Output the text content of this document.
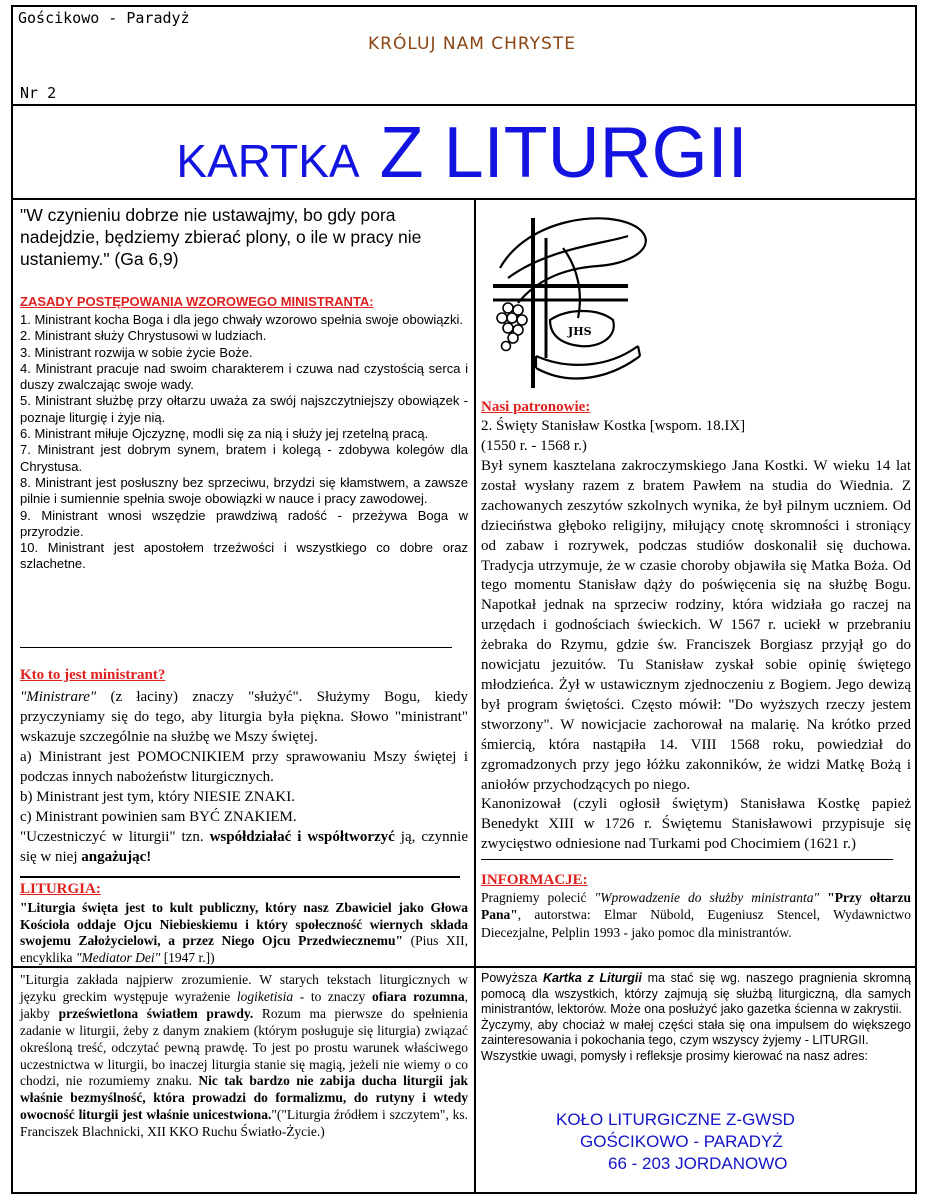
Gościkowo - Paradyż
KRÓLUJ NAM CHRYSTE
Nr 2
KARTKA Z LITURGII
"W czynieniu dobrze nie ustawajmy, bo gdy pora nadejdzie, będziemy zbierać plony, o ile w pracy nie ustaniemy." (Ga 6,9)
ZASADY POSTĘPOWANIA WZOROWEGO MINISTRANTA:

1. Ministrant kocha Boga i dla jego chwały wzorowo spełnia swoje obowiązki.

2. Ministrant służy Chrystusowi w ludziach.

3. Ministrant rozwija w sobie życie Boże.

4. Ministrant pracuje nad swoim charakterem i czuwa nad czystością serca i duszy zwalczając swoje wady.

5. Ministrant służbę przy ołtarzu uważa za swój najszczytniejszy obowiązek - poznaje liturgię i żyje nią.

6. Ministrant miłuje Ojczyznę, modli się za nią i służy jej rzetelną pracą.

7. Ministrant jest dobrym synem, bratem i kolegą - zdobywa kolegów dla Chrystusa.

8. Ministrant jest posłuszny bez sprzeciwu, brzydzi się kłamstwem, a zawsze pilnie i sumiennie spełnia swoje obowiązki w nauce i pracy zawodowej.

9. Ministrant wnosi wszędzie prawdziwą radość - przeżywa Boga w przyrodzie.

10. Ministrant jest apostołem trzeźwości i wszystkiego co dobre oraz szlachetne.

Kto to jest ministrant?

"Ministrare" (z łaciny) znaczy "służyć". Służymy Bogu, kiedy przyczyniamy się do tego, aby liturgia była piękna. Słowo "ministrant" wskazuje szczególnie na służbę we Mszy świętej.

a) Ministrant jest POMOCNIKIEM przy sprawowaniu Mszy świętej i podczas innych nabożeństw liturgicznych.

b) Ministrant jest tym, który NIESIE ZNAKI.

c) Ministrant powinien sam BYĆ ZNAKIEM.

"Uczestniczyć w liturgii" tzn. współdziałać i współtworzyć ją, czynnie się w niej angażując!

LITURGIA:
"Liturgia święta jest to kult publiczny, który nasz Zbawiciel jako Głowa Kościoła oddaje Ojcu Niebieskiemu i który społeczność wiernych składa swojemu Założycielowi, a przez Niego Ojcu Przedwiecznemu" (Pius XII, encyklika "Mediator Dei" [1947 r.])
"Liturgia zakłada najpierw zrozumienie. W starych tekstach liturgicznych w języku greckim występuje wyrażenie logiketisia - to znaczy ofiara rozumna, jakby prześwietlona światłem prawdy. Rozum ma pierwsze do spełnienia zadanie w liturgii, żeby z danym znakiem (którym posługuje się liturgia) związać określoną treść, odczytać pewną prawdę. To jest po prostu warunek właściwego uczestnictwa w liturgii, bo inaczej liturgia stanie się magią, jeżeli nie wiemy o co chodzi, nie rozumiemy znaku. Nic tak bardzo nie zabija ducha liturgii jak właśnie bezmyślność, która prowadzi do formalizmu, do rutyny i wtedy owocność liturgii jest właśnie unicestwiona."("Liturgia źródłem i szczytem", ks. Franciszek Blachnicki, XII KKO Ruchu Światło-Życie.)
JHS
Nasi patronowie:
2. Święty Stanisław Kostka [wspom. 18.IX]
(1550 r. - 1568 r.)

Był synem kasztelana zakroczymskiego Jana Kostki. W wieku 14 lat został wysłany razem z bratem Pawłem na studia do Wiednia. Z zachowanych zeszytów szkolnych wynika, że był pilnym uczniem. Od dzieciństwa głęboko religijny, miłujący cnotę skromności i stroniący od zabaw i rozrywek, podczas studiów doskonalił się duchowa. Tradycja utrzymuje, że w czasie choroby objawiła się Matka Boża. Od tego momentu Stanisław dąży do poświęcenia się na służbę Bogu. Napotkał jednak na sprzeciw rodziny, która widziała go raczej na urzędach i godnościach świeckich. W 1567 r. uciekł w przebraniu żebraka do Rzymu, gdzie św. Franciszek Borgiasz przyjął go do nowicjatu jezuitów. Tu Stanisław zyskał sobie opinię świętego młodzieńca. Żył w ustawicznym zjednoczeniu z Bogiem. Jego dewizą był program świętości. Często mówił: "Do wyższych rzeczy jestem stworzony". W nowicjacie zachorował na malarię. Na krótko przed śmiercią, która nastąpiła 14. VIII 1568 roku, powiedział do zgromadzonych przy jego łóżku zakonników, że widzi Matkę Bożą i aniołów przychodzących po niego.

Kanonizował (czyli ogłosił świętym) Stanisława Kostkę papież Benedykt XIII w 1726 r. Świętemu Stanisławowi przypisuje się zwycięstwo odniesione nad Turkami pod Chocimiem (1621 r.)

INFORMACJE:
Pragniemy polecić "Wprowadzenie do służby ministranta" "Przy ołtarzu Pana", autorstwa: Elmar Nübold, Eugeniusz Stencel, Wydawnictwo Diecezjalne, Pelplin 1993 - jako pomoc dla ministrantów.

Powyższa Kartka z Liturgii ma stać się wg. naszego pragnienia skromną pomocą dla wszystkich, którzy zajmują się służbą liturgiczną, dla samych ministrantów, lektorów. Może ona posłużyć jako gazetka ścienna w zakrystii.

Życzymy, aby chociaż w małej części stała się ona impulsem do większego zainteresowania i pokochania tego, czym wszyscy żyjemy - LITURGII.

Wszystkie uwagi, pomysły i refleksje prosimy kierować na nasz adres:

KOŁO LITURGICZNE Z-GWSD
GOŚCIKOWO - PARADYŻ
66 - 203 JORDANOWO
